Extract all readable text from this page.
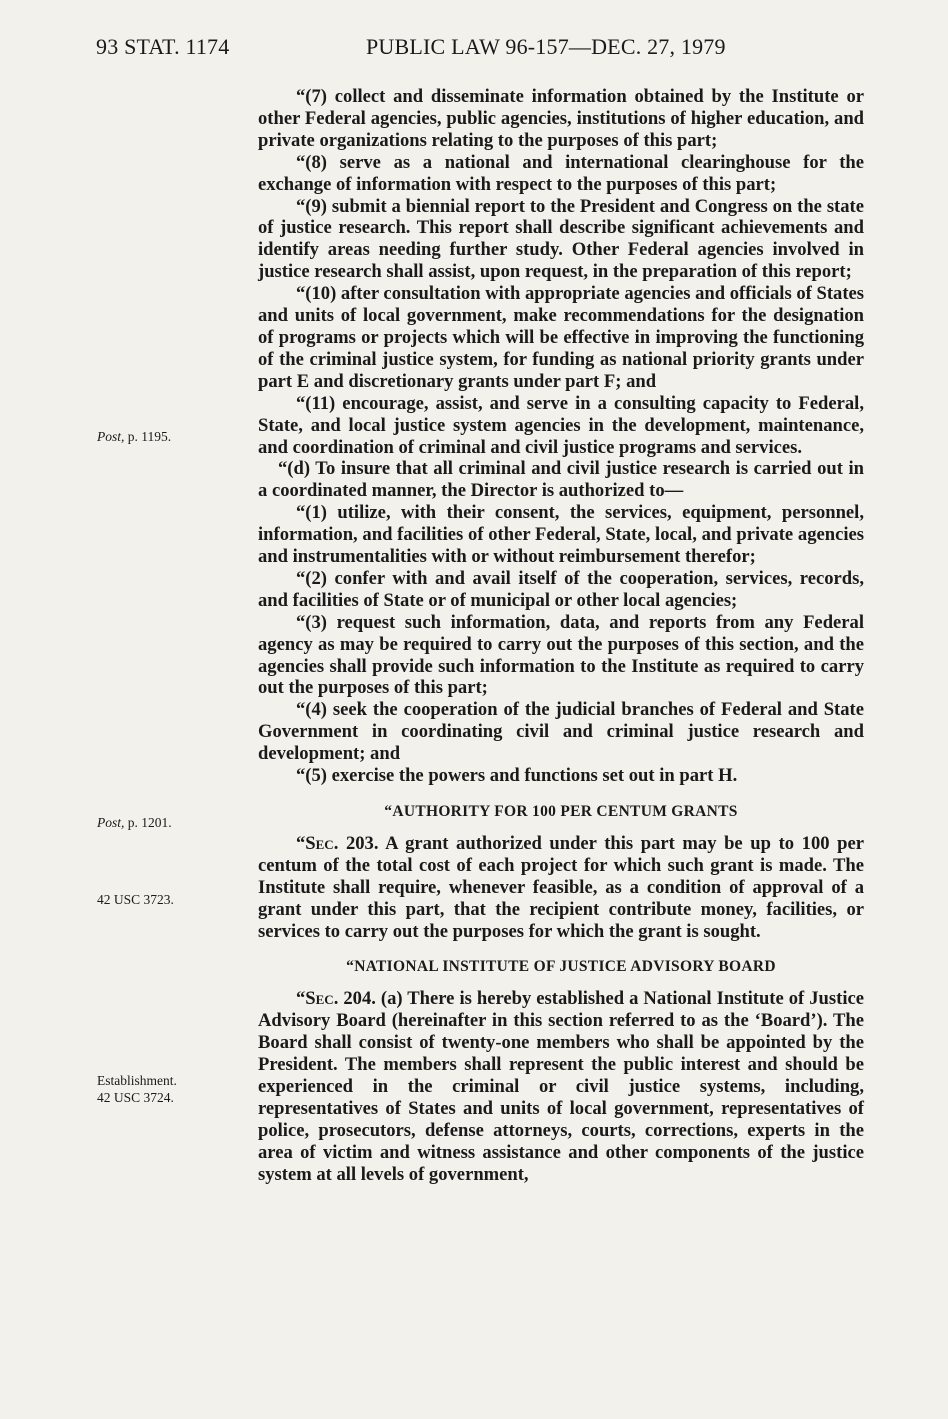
93 STAT. 1174	PUBLIC LAW 96-157—DEC. 27, 1979
Post, p. 1195.
Post, p. 1201.
42 USC 3723.
Establishment.
42 USC 3724.

“(7) collect and disseminate information obtained by the Institute or other Federal agencies, public agencies, institutions of higher education, and private organizations relating to the purposes of this part;

“(8) serve as a national and international clearinghouse for the exchange of information with respect to the purposes of this part;

“(9) submit a biennial report to the President and Congress on the state of justice research. This report shall describe significant achievements and identify areas needing further study. Other Federal agencies involved in justice research shall assist, upon request, in the preparation of this report;

“(10) after consultation with appropriate agencies and officials of States and units of local government, make recommendations for the designation of programs or projects which will be effective in improving the functioning of the criminal justice system, for funding as national priority grants under part E and discretionary grants under part F; and

“(11) encourage, assist, and serve in a consulting capacity to Federal, State, and local justice system agencies in the development, maintenance, and coordination of criminal and civil justice programs and services.

“(d) To insure that all criminal and civil justice research is carried out in a coordinated manner, the Director is authorized to—

“(1) utilize, with their consent, the services, equipment, personnel, information, and facilities of other Federal, State, local, and private agencies and instrumentalities with or without reimbursement therefor;

“(2) confer with and avail itself of the cooperation, services, records, and facilities of State or of municipal or other local agencies;

“(3) request such information, data, and reports from any Federal agency as may be required to carry out the purposes of this section, and the agencies shall provide such information to the Institute as required to carry out the purposes of this part;

“(4) seek the cooperation of the judicial branches of Federal and State Government in coordinating civil and criminal justice research and development; and

“(5) exercise the powers and functions set out in part H.

“AUTHORITY FOR 100 PER CENTUM GRANTS

“Sec. 203. A grant authorized under this part may be up to 100 per centum of the total cost of each project for which such grant is made. The Institute shall require, whenever feasible, as a condition of approval of a grant under this part, that the recipient contribute money, facilities, or services to carry out the purposes for which the grant is sought.

“NATIONAL INSTITUTE OF JUSTICE ADVISORY BOARD

“Sec. 204. (a) There is hereby established a National Institute of Justice Advisory Board (hereinafter in this section referred to as the ‘Board’). The Board shall consist of twenty-one members who shall be appointed by the President. The members shall represent the public interest and should be experienced in the criminal or civil justice systems, including, representatives of States and units of local government, representatives of police, prosecutors, defense attorneys, courts, corrections, experts in the area of victim and witness assistance and other components of the justice system at all levels of government,
